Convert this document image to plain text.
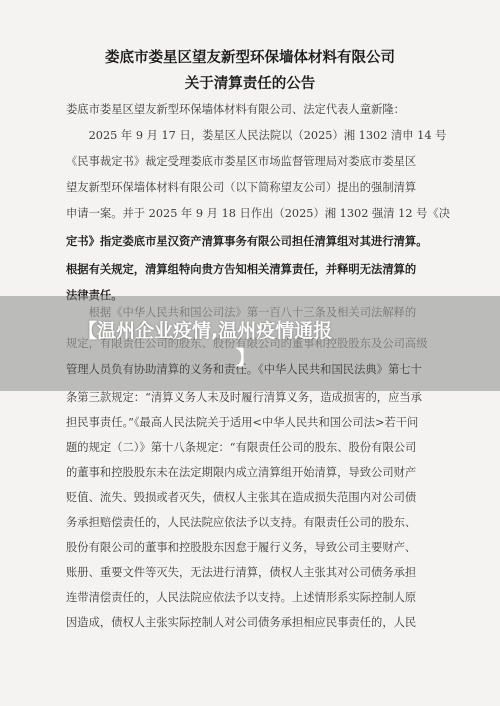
娄底市娄星区望友新型环保墙体材料有限公司
关于清算责任的公告
娄底市娄星区望友新型环保墙体材料有限公司、法定代表人童新隆：
　　2025 年 9 月 17 日，娄星区人民法院以（2025）湘 1302 清申 14 号
《民事裁定书》裁定受理娄底市娄星区市场监督管理局对娄底市娄星区
望友新型环保墙体材料有限公司（以下简称望友公司）提出的强制清算
申请一案。并于 2025 年 9 月 18 日作出（2025）湘 1302 强清 12 号《决
定书》指定娄底市星汉资产清算事务有限公司担任清算组对其进行清算。
根据有关规定，清算组特向贵方告知相关清算责任，并释明无法清算的
　　根据《中华人民共和国公司法》第一百八十三条及相关司法解释的
规定，有限责任公司的股东、股份有限公司的董事和控股股东及公司高级
管理人员负有协助清算的义务和责任。《中华人民共和国民法典》第七十
【温州企业疫情,温州疫情通报
】
条第三款规定：“清算义务人未及时履行清算义务，造成损害的，应当承
担民事责任。”《最高人民法院关于适用<中华人民共和国公司法>若干问
题的规定（二）》第十八条规定：“有限责任公司的股东、股份有限公司
的董事和控股股东未在法定期限内成立清算组开始清算，导致公司财产
贬值、流失、毁损或者灭失，债权人主张其在造成损失范围内对公司债
务承担赔偿责任的，人民法院应依法予以支持。有限责任公司的股东、
股份有限公司的董事和控股股东因怠于履行义务，导致公司主要财产、
账册、重要文件等灭失，无法进行清算，债权人主张其对公司债务承担
连带清偿责任的，人民法院应依法予以支持。上述情形系实际控制人原
因造成，债权人主张实际控制人对公司债务承担相应民事责任的，人民
